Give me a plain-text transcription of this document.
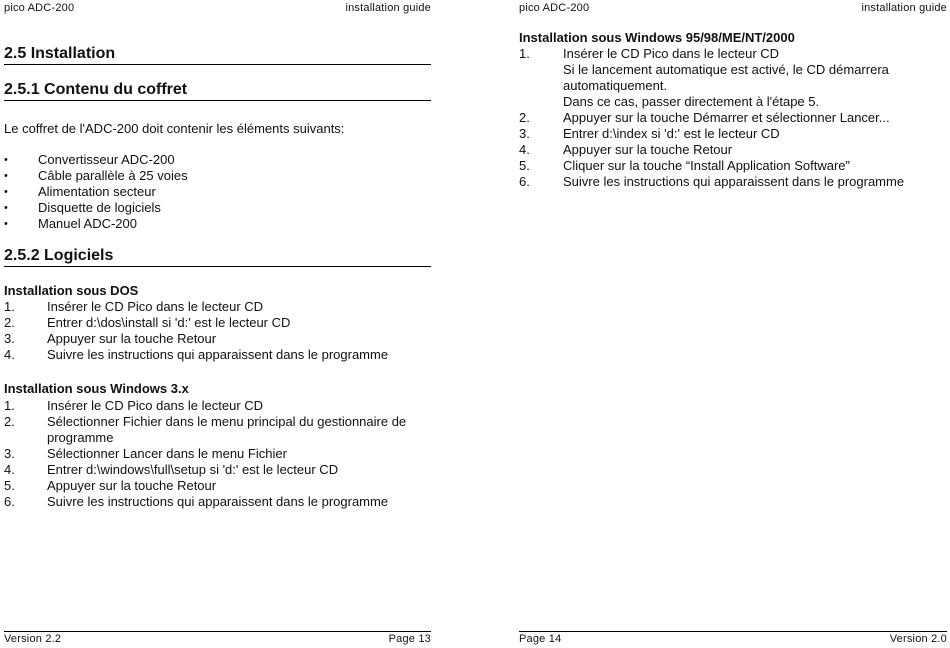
pico ADC-200	installation guide
2.5 Installation
2.5.1 Contenu du coffret
Le coffret de l'ADC-200 doit contenir les éléments suivants:
• Convertisseur ADC-200
• Câble parallèle à 25 voies
• Alimentation secteur
• Disquette de logiciels
• Manuel ADC-200
2.5.2 Logiciels
Installation sous DOS
1.	Insérer le CD Pico dans le lecteur CD
2.	Entrer d:\dos\install si 'd:' est le lecteur CD
3.	Appuyer sur la touche Retour
4.	Suivre les instructions qui apparaissent dans le programme
Installation sous Windows 3.x
1.	Insérer le CD Pico dans le lecteur CD
2. Sélectionner Fichier dans le menu principal du gestionnaire de
programme
3.	Sélectionner Lancer dans le menu Fichier
4.	Entrer d:\windows\full\setup si 'd:' est le lecteur CD
5.	Appuyer sur la touche Retour
6.	Suivre les instructions qui apparaissent dans le programme
Version 2.2	Page 13
pico ADC-200	installation guide
Installation sous Windows 95/98/ME/NT/2000
1.	Insérer le CD Pico dans le lecteur CD
Si le lancement automatique est activé, le CD démarrera
automatiquement.
Dans ce cas, passer directement à l'étape 5.
2.	Appuyer sur la touche Démarrer et sélectionner Lancer...
3.	Entrer d:\index si 'd:' est le lecteur CD
4.	Appuyer sur la touche Retour
5.	Cliquer sur la touche “Install Application Software”
6.	Suivre les instructions qui apparaissent dans le programme
Page 14	Version 2.0
